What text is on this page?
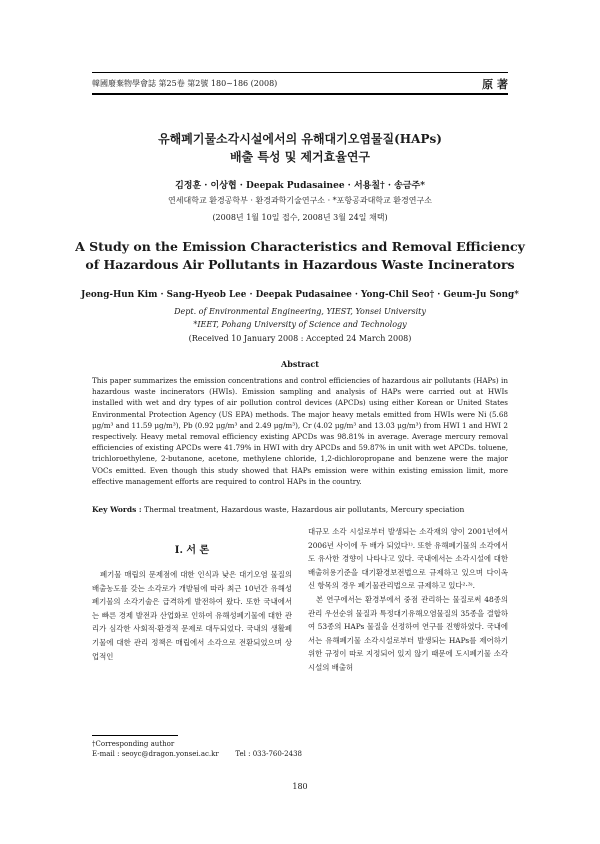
韓國廢棄物學會誌 第25卷 第2號 180~186 (2008)	原 著
유해폐기물소각시설에서의 유해대기오염물질(HAPs)
배출 특성 및 제거효율연구
김정훈 · 이상협 · Deepak Pudasainee · 서용칠† · 송금주*
연세대학교 환경공학부 · 환경과학기술연구소 · *포항공과대학교 환경연구소
(2008년 1월 10일 접수, 2008년 3월 24일 채택)
A Study on the Emission Characteristics and Removal Efficiency
of Hazardous Air Pollutants in Hazardous Waste Incinerators
Jeong-Hun Kim · Sang-Hyeob Lee · Deepak Pudasainee · Yong-Chil Seo† · Geum-Ju Song*
Dept. of Environmental Engineering, YIEST, Yonsei University
*IEET, Pohang University of Science and Technology
(Received 10 January 2008 : Accepted 24 March 2008)
Abstract
This paper summarizes the emission concentrations and control efficiencies of hazardous air pollutants (HAPs) in hazardous waste incinerators (HWIs). Emission sampling and analysis of HAPs were carried out at HWIs installed with wet and dry types of air pollution control devices (APCDs) using either Korean or United States Environmental Protection Agency (US EPA) methods. The major heavy metals emitted from HWIs were Ni (5.68 μg/m³ and 11.59 μg/m³), Pb (0.92 μg/m³ and 2.49 μg/m³), Cr (4.02 μg/m³ and 13.03 μg/m³) from HWI 1 and HWI 2 respectively. Heavy metal removal efficiency existing APCDs was 98.81% in average. Average mercury removal efficiencies of existing APCDs were 41.79% in HWI with dry APCDs and 59.87% in unit with wet APCDs. toluene, trichloroethylene, 2-butanone, acetone, methylene chloride, 1,2-dichloropropane and benzene were the major VOCs emitted. Even though this study showed that HAPs emission were within existing emission limit, more effective management efforts are required to control HAPs in the country.
Key Words : Thermal treatment, Hazardous waste, Hazardous air pollutants, Mercury speciation
I. 서 론

폐기물 매립의 문제점에 대한 인식과 낮은 대기오염 물질의 배출농도를 갖는 소각로가 개발됨에 따라 최근 10년간 유해성 폐기물의 소각기술은 급격하게 발전하여 왔다. 또한 국내에서는 빠른 경제 발전과 산업화로 인하여 유해성폐기물에 대한 관리가 심각한 사회적·환경적 문제로 대두되었다. 국내의 생활폐기물에 대한 관리 정책은 매립에서 소각으로 전환되었으며 상업적인

대규모 소각 시설로부터 발생되는 소각재의 양이 2001년에서 2006년 사이에 두 배가 되었다¹⁾. 또한 유해폐기물의 소각에서도 유사한 경향이 나타나고 있다. 국내에서는 소각시설에 대한 배출허용기준을 대기환경보전법으로 규제하고 있으며 다이옥신 항목의 경우 폐기물관리법으로 규제하고 있다²·³⁾.

본 연구에서는 환경부에서 중점 관리하는 물질로써 48종의 관리 우선순위 물질과 특정대기유해오염물질의 35종을 결합하여 53종의 HAPs 물질을 선정하여 연구를 진행하였다. 국내에서는 유해폐기물 소각시설로부터 발생되는 HAPs를 제어하기 위한 규정이 따로 지정되어 있지 않기 때문에 도시폐기물 소각시설의 배출허

†Corresponding author
E-mail : seoyc@dragon.yonsei.ac.kr Tel : 033-760-2438
180
